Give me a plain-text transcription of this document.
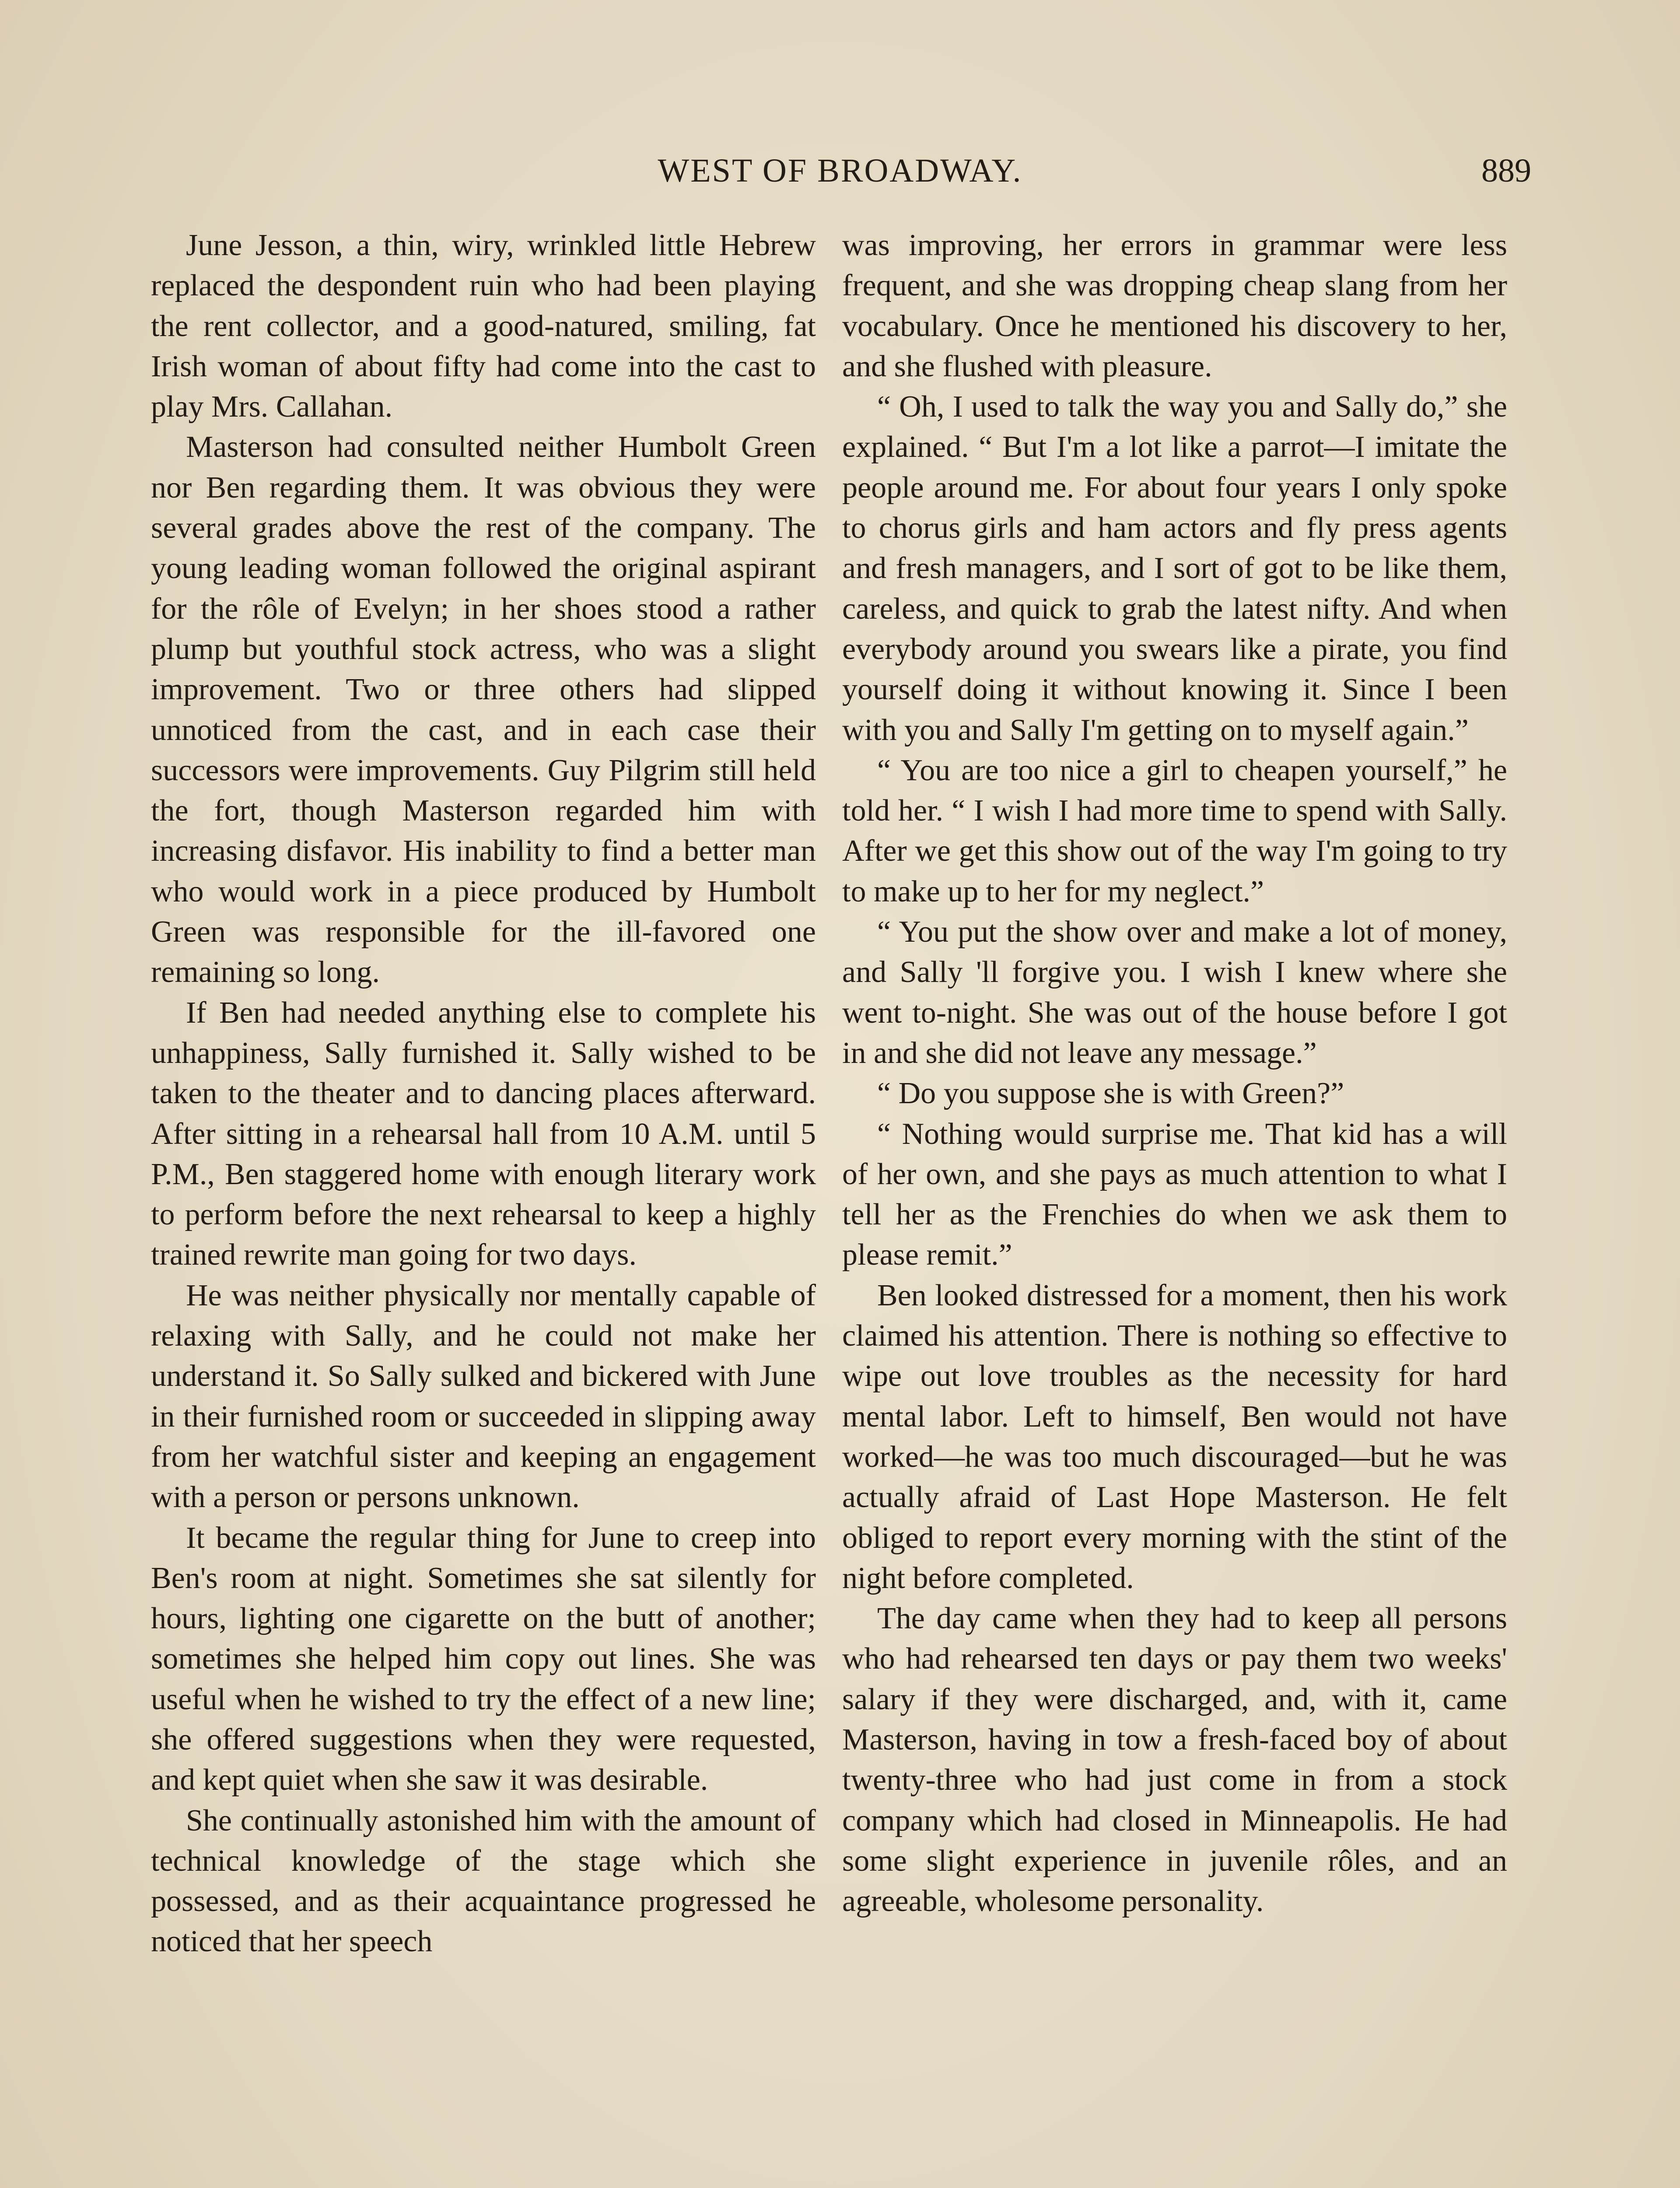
WEST OF BROADWAY.	889

June Jesson, a thin, wiry, wrinkled little Hebrew replaced the despondent ruin who had been playing the rent collector, and a good-natured, smiling, fat Irish woman of about fifty had come into the cast to play Mrs. Callahan.

Masterson had consulted neither Humbolt Green nor Ben regarding them. It was obvious they were several grades above the rest of the company. The young leading woman followed the original aspirant for the rôle of Evelyn; in her shoes stood a rather plump but youthful stock actress, who was a slight improvement. Two or three others had slipped unnoticed from the cast, and in each case their successors were improvements. Guy Pilgrim still held the fort, though Masterson regarded him with increasing disfavor. His inability to find a better man who would work in a piece produced by Humbolt Green was responsible for the ill-favored one remaining so long.

If Ben had needed anything else to complete his unhappiness, Sally furnished it. Sally wished to be taken to the theater and to dancing places afterward. After sitting in a rehearsal hall from 10 A.M. until 5 P.M., Ben staggered home with enough literary work to perform before the next rehearsal to keep a highly trained rewrite man going for two days.

He was neither physically nor mentally capable of relaxing with Sally, and he could not make her understand it. So Sally sulked and bickered with June in their furnished room or succeeded in slipping away from her watchful sister and keeping an engagement with a person or persons unknown.

It became the regular thing for June to creep into Ben's room at night. Sometimes she sat silently for hours, lighting one cigarette on the butt of another; sometimes she helped him copy out lines. She was useful when he wished to try the effect of a new line; she offered suggestions when they were requested, and kept quiet when she saw it was desirable.

She continually astonished him with the amount of technical knowledge of the stage which she possessed, and as their acquaintance progressed he noticed that her speech

was improving, her errors in grammar were less frequent, and she was dropping cheap slang from her vocabulary. Once he mentioned his discovery to her, and she flushed with pleasure.

“ Oh, I used to talk the way you and Sally do,” she explained. “ But I'm a lot like a parrot—I imitate the people around me. For about four years I only spoke to chorus girls and ham actors and fly press agents and fresh managers, and I sort of got to be like them, careless, and quick to grab the latest nifty. And when everybody around you swears like a pirate, you find yourself doing it without knowing it. Since I been with you and Sally I'm getting on to myself again.”

“ You are too nice a girl to cheapen yourself,” he told her. “ I wish I had more time to spend with Sally. After we get this show out of the way I'm going to try to make up to her for my neglect.”

“ You put the show over and make a lot of money, and Sally 'll forgive you. I wish I knew where she went to-night. She was out of the house before I got in and she did not leave any message.”

“ Do you suppose she is with Green?”

“ Nothing would surprise me. That kid has a will of her own, and she pays as much attention to what I tell her as the Frenchies do when we ask them to please remit.”

Ben looked distressed for a moment, then his work claimed his attention. There is nothing so effective to wipe out love troubles as the necessity for hard mental labor. Left to himself, Ben would not have worked—he was too much discouraged—but he was actually afraid of Last Hope Masterson. He felt obliged to report every morning with the stint of the night before completed.

The day came when they had to keep all persons who had rehearsed ten days or pay them two weeks' salary if they were discharged, and, with it, came Masterson, having in tow a fresh-faced boy of about twenty-three who had just come in from a stock company which had closed in Minneapolis. He had some slight experience in juvenile rôles, and an agreeable, wholesome personality.
